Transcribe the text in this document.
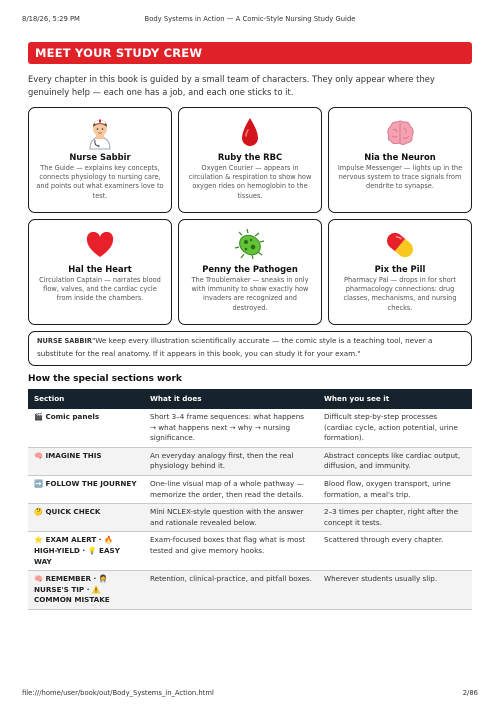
8/18/26, 5:29 PM	Body Systems in Action — A Comic-Style Nursing Study Guide
MEET YOUR STUDY CREW
Every chapter in this book is guided by a small team of characters. They only appear where they genuinely help — each one has a job, and each one sticks to it.
Nurse Sabbir
The Guide — explains key concepts, connects physiology to nursing care, and points out what examiners love to test.
Ruby the RBC
Oxygen Courier — appears in circulation & respiration to show how oxygen rides on hemoglobin to the tissues.
Nia the Neuron
Impulse Messenger — lights up in the nervous system to trace signals from dendrite to synapse.
Hal the Heart
Circulation Captain — narrates blood flow, valves, and the cardiac cycle from inside the chambers.
Penny the Pathogen
The Troublemaker — sneaks in only with immunity to show exactly how invaders are recognized and destroyed.
Pix the Pill
Pharmacy Pal — drops in for short pharmacology connections: drug classes, mechanisms, and nursing checks.
NURSE SABBIR"We keep every illustration scientifically accurate — the comic style is a teaching tool, never a substitute for the real anatomy. If it appears in this book, you can study it for your exam."
How the special sections work
Section	What it does	When you see it
🎬 Comic panels	Short 3–4 frame sequences: what happens → what happens next → why → nursing significance.	Difficult step-by-step processes (cardiac cycle, action potential, urine formation).
🧠 IMAGINE THIS	An everyday analogy first, then the real physiology behind it.	Abstract concepts like cardiac output, diffusion, and immunity.
➡️ FOLLOW THE JOURNEY	One-line visual map of a whole pathway — memorize the order, then read the details.	Blood flow, oxygen transport, urine formation, a meal's trip.
🤔 QUICK CHECK	Mini NCLEX-style question with the answer and rationale revealed below.	2–3 times per chapter, right after the concept it tests.
⭐ EXAM ALERT · 🔥 HIGH-YIELD · 💡 EASY WAY	Exam-focused boxes that flag what is most tested and give memory hooks.	Scattered through every chapter.
🧠 REMEMBER · 👩‍⚕️ NURSE'S TIP · ⚠️ COMMON MISTAKE	Retention, clinical-practice, and pitfall boxes.	Wherever students usually slip.
file:///home/user/book/out/Body_Systems_in_Action.html	2/86
